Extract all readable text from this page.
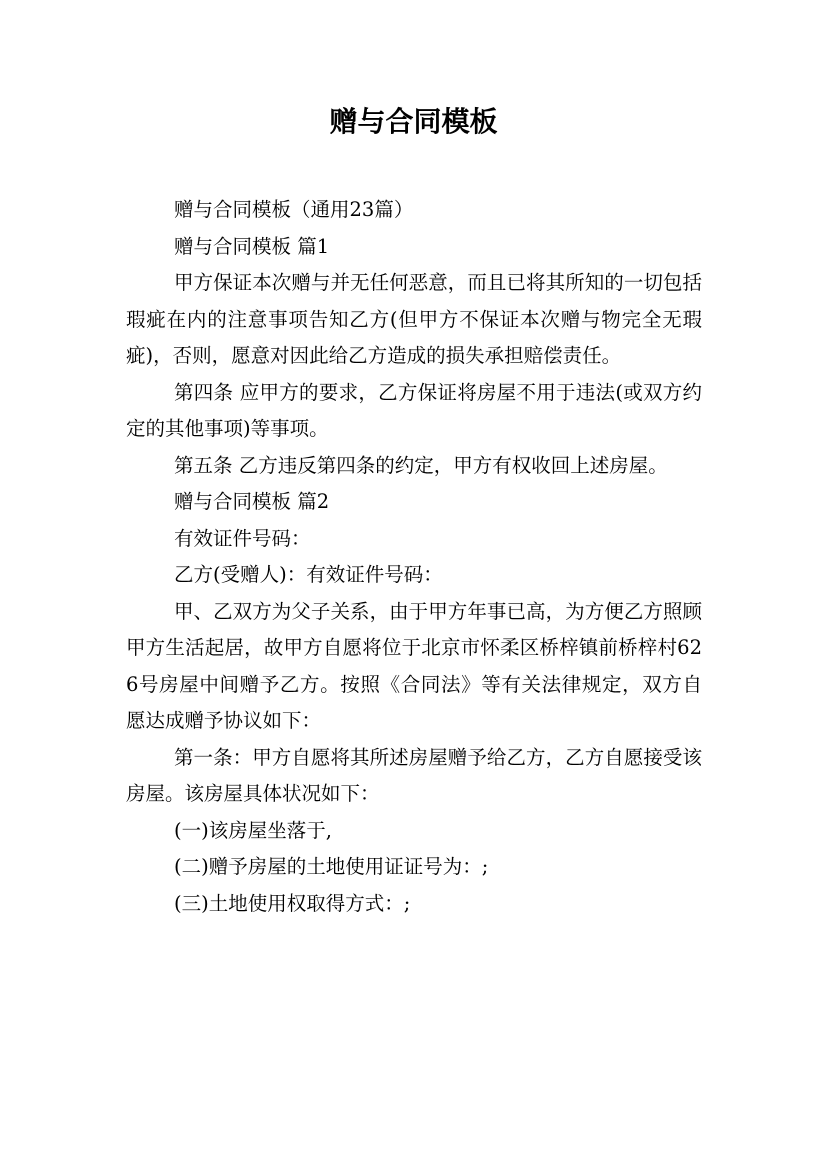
赠与合同模板

赠与合同模板（通用23篇）

赠与合同模板 篇1

甲方保证本次赠与并无任何恶意，而且已将其所知的一切包括瑕疵在内的注意事项告知乙方(但甲方不保证本次赠与物完全无瑕疵)，否则，愿意对因此给乙方造成的损失承担赔偿责任。

第四条 应甲方的要求，乙方保证将房屋不用于违法(或双方约定的其他事项)等事项。

第五条 乙方违反第四条的约定，甲方有权收回上述房屋。

赠与合同模板 篇2

有效证件号码：

乙方(受赠人)：有效证件号码：

甲、乙双方为父子关系，由于甲方年事已高，为方便乙方照顾甲方生活起居，故甲方自愿将位于北京市怀柔区桥梓镇前桥梓村626号房屋中间赠予乙方。按照《合同法》等有关法律规定，双方自愿达成赠予协议如下：

第一条：甲方自愿将其所述房屋赠予给乙方，乙方自愿接受该房屋。该房屋具体状况如下：

(一)该房屋坐落于,

(二)赠予房屋的土地使用证证号为：;

(三)土地使用权取得方式：;
